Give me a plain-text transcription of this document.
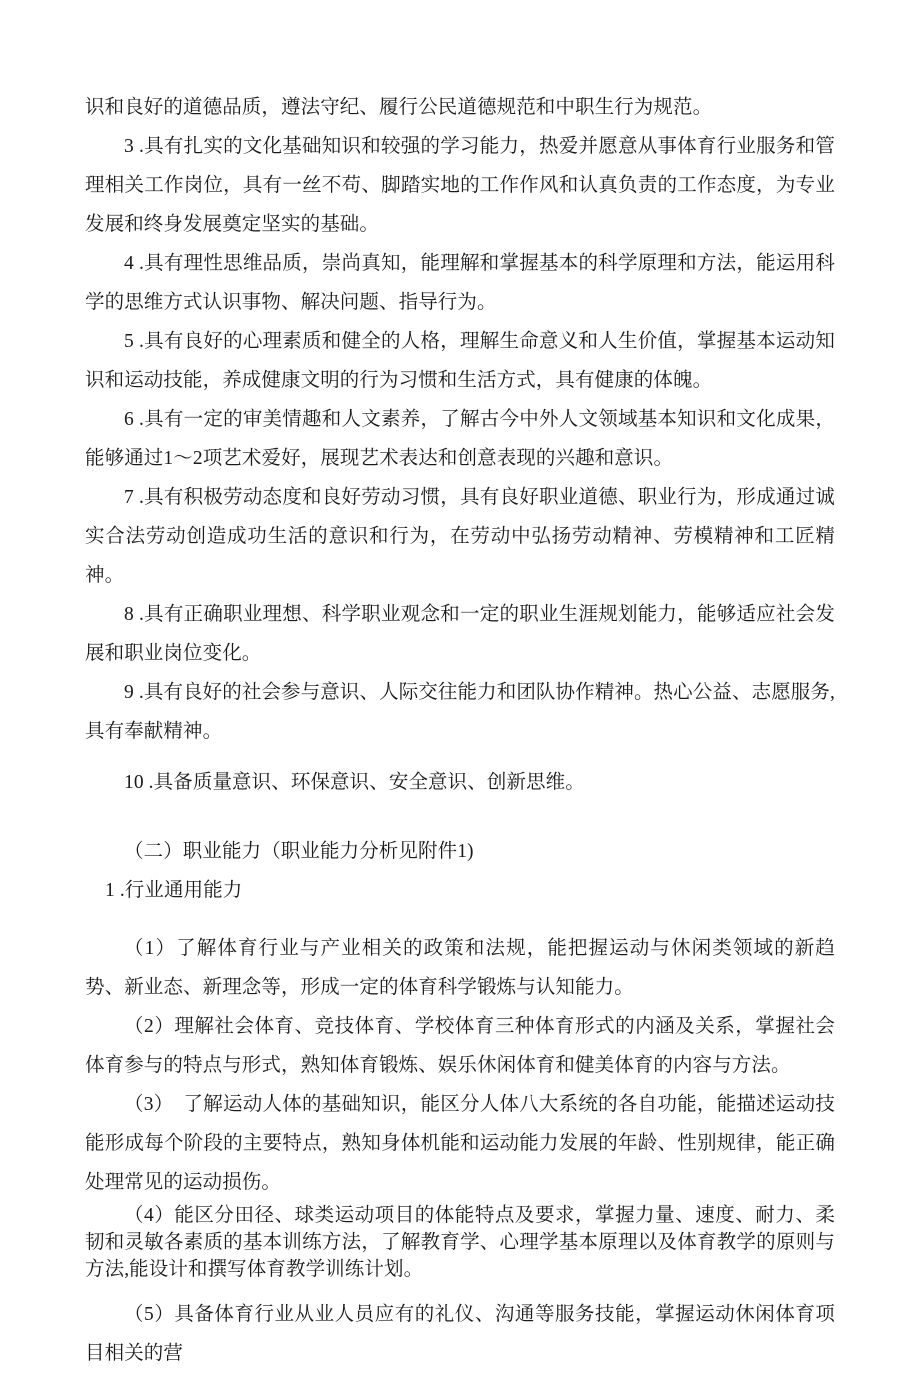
识和良好的道德品质，遵法守纪、履行公民道德规范和中职生行为规范。

3 .具有扎实的文化基础知识和较强的学习能力，热爱并愿意从事体育行业服务和管理相关工作岗位，具有一丝不苟、脚踏实地的工作作风和认真负责的工作态度，为专业发展和终身发展奠定坚实的基础。

4 .具有理性思维品质，崇尚真知，能理解和掌握基本的科学原理和方法，能运用科学的思维方式认识事物、解决问题、指导行为。

5 .具有良好的心理素质和健全的人格，理解生命意义和人生价值，掌握基本运动知识和运动技能，养成健康文明的行为习惯和生活方式，具有健康的体魄。

6 .具有一定的审美情趣和人文素养，了解古今中外人文领域基本知识和文化成果，能够通过1～2项艺术爱好，展现艺术表达和创意表现的兴趣和意识。

7 .具有积极劳动态度和良好劳动习惯，具有良好职业道德、职业行为，形成通过诚实合法劳动创造成功生活的意识和行为，在劳动中弘扬劳动精神、劳模精神和工匠精神。

8 .具有正确职业理想、科学职业观念和一定的职业生涯规划能力，能够适应社会发展和职业岗位变化。

9 .具有良好的社会参与意识、人际交往能力和团队协作精神。热心公益、志愿服务,具有奉献精神。

10 .具备质量意识、环保意识、安全意识、创新思维。

（二）职业能力（职业能力分析见附件1)

1 .行业通用能力

（1）了解体育行业与产业相关的政策和法规，能把握运动与休闲类领域的新趋势、新业态、新理念等，形成一定的体育科学锻炼与认知能力。

（2）理解社会体育、竞技体育、学校体育三种体育形式的内涵及关系，掌握社会体育参与的特点与形式，熟知体育锻炼、娱乐休闲体育和健美体育的内容与方法。

（3）　了解运动人体的基础知识，能区分人体八大系统的各自功能，能描述运动技能形成每个阶段的主要特点，熟知身体机能和运动能力发展的年龄、性别规律，能正确处理常见的运动损伤。

（4）能区分田径、球类运动项目的体能特点及要求，掌握力量、速度、耐力、柔韧和灵敏各素质的基本训练方法，了解教育学、心理学基本原理以及体育教学的原则与方法,能设计和撰写体育教学训练计划。

（5）具备体育行业从业人员应有的礼仪、沟通等服务技能，掌握运动休闲体育项目相关的营
